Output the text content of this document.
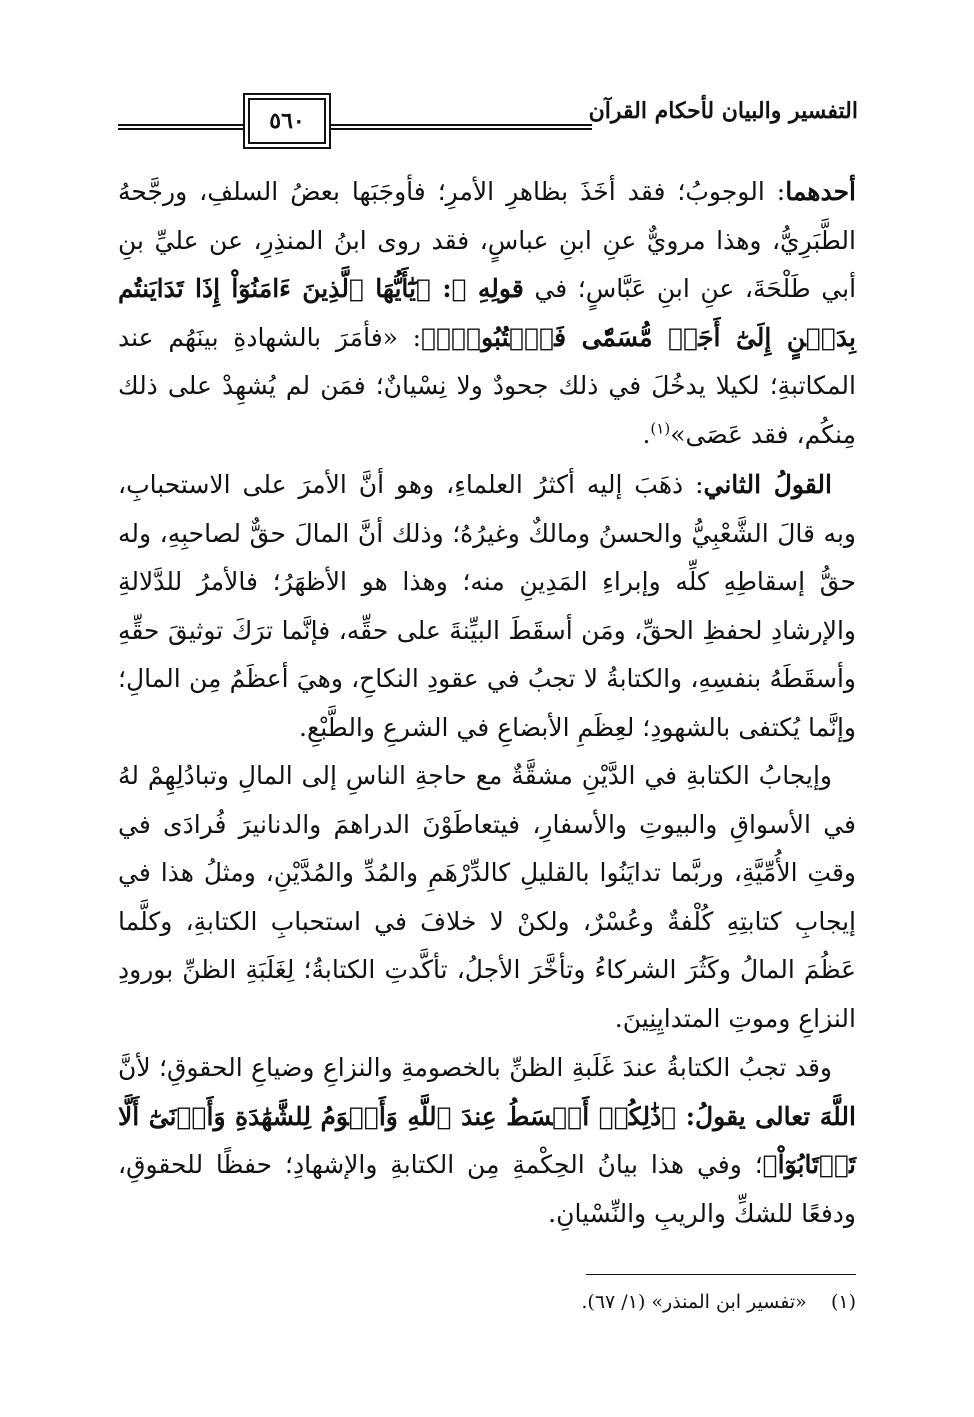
٥٦٠	التفسير والبيان لأحكام القرآن
أحدهما: الوجوبُ؛ فقد أخَذَ بظاهرِ الأمرِ؛ فأوجَبَها بعضُ السلفِ، ورجَّحهُ الطَّبَرِيُّ، وهذا مرويٌّ عنِ ابنِ عباسٍ، فقد روى ابنُ المنذِرِ، عن عليِّ بنِ أبي طَلْحَةَ، عنِ ابنِ عَبَّاسٍ؛ في قولِهِ ﷻ: ﴿يَٰٓأَيُّهَا ٱلَّذِينَ ءَامَنُوٓاْ إِذَا تَدَايَنتُم بِدَيۡنٍ إِلَىٰٓ أَجَلٖ مُّسَمّٗى فَٱكۡتُبُوهُۚ﴾: «فأمَرَ بالشهادةِ بينَهُم عند المكاتبةِ؛ لكيلا يدخُلَ في ذلك جحودٌ ولا نِسْيانٌ؛ فمَن لم يُشهِدْ على ذلك مِنكُم، فقد عَصَى»$^{(١)}$.
القولُ الثاني: ذهَبَ إليه أكثرُ العلماءِ، وهو أنَّ الأمرَ على الاستحبابِ، وبه قالَ الشَّعْبِيُّ والحسنُ ومالكٌ وغيرُهُ؛ وذلك أنَّ المالَ حقٌّ لصاحبِهِ، وله حقُّ إسقاطِهِ كلِّه وإبراءِ المَدِينِ منه؛ وهذا هو الأظهَرُ؛ فالأمرُ للدَّلالةِ والإرشادِ لحفظِ الحقِّ، ومَن أسقَطَ البيِّنةَ على حقِّه، فإنَّما ترَكَ توثيقَ حقِّهِ وأسقَطَهُ بنفسِهِ، والكتابةُ لا تجبُ في عقودِ النكاحِ، وهيَ أعظَمُ مِن المالِ؛ وإنَّما يُكتفى بالشهودِ؛ لعِظَمِ الأبضاعِ في الشرعِ والطَّبْعِ.
وإيجابُ الكتابةِ في الدَّيْنِ مشقَّةٌ مع حاجةِ الناسِ إلى المالِ وتبادُلِهِمْ لهُ في الأسواقِ والبيوتِ والأسفارِ، فيتعاطَوْنَ الدراهمَ والدنانيرَ فُرادَى في وقتِ الأُمِّيَّةِ، وربَّما تدايَنُوا بالقليلِ كالدِّرْهَمِ والمُدِّ والمُدَّيْنِ، ومثلُ هذا في إيجابِ كتابتِهِ كُلْفةٌ وعُسْرٌ، ولكنْ لا خلافَ في استحبابِ الكتابةِ، وكلَّما عَظُمَ المالُ وكَثُرَ الشركاءُ وتأخَّرَ الأجلُ، تأكَّدتِ الكتابةُ؛ لِغَلَبَةِ الظنِّ بورودِ النزاعِ وموتِ المتدايِنِينَ.
وقد تجبُ الكتابةُ عندَ غَلَبةِ الظنِّ بالخصومةِ والنزاعِ وضياعِ الحقوقِ؛ لأنَّ اللَّهَ تعالى يقولُ: ﴿ذَٰلِكُمۡ أَقۡسَطُ عِندَ ٱللَّهِ وَأَقۡوَمُ لِلشَّهَٰدَةِ وَأَدۡنَىٰٓ أَلَّا تَرۡتَابُوٓاْ﴾؛ وفي هذا بيانُ الحِكْمةِ مِن الكتابةِ والإشهادِ؛ حفظًا للحقوقِ، ودفعًا للشكِّ والريبِ والنِّسْيانِ.
(١)    «تفسير ابن المنذر» (١/ ٦٧).
